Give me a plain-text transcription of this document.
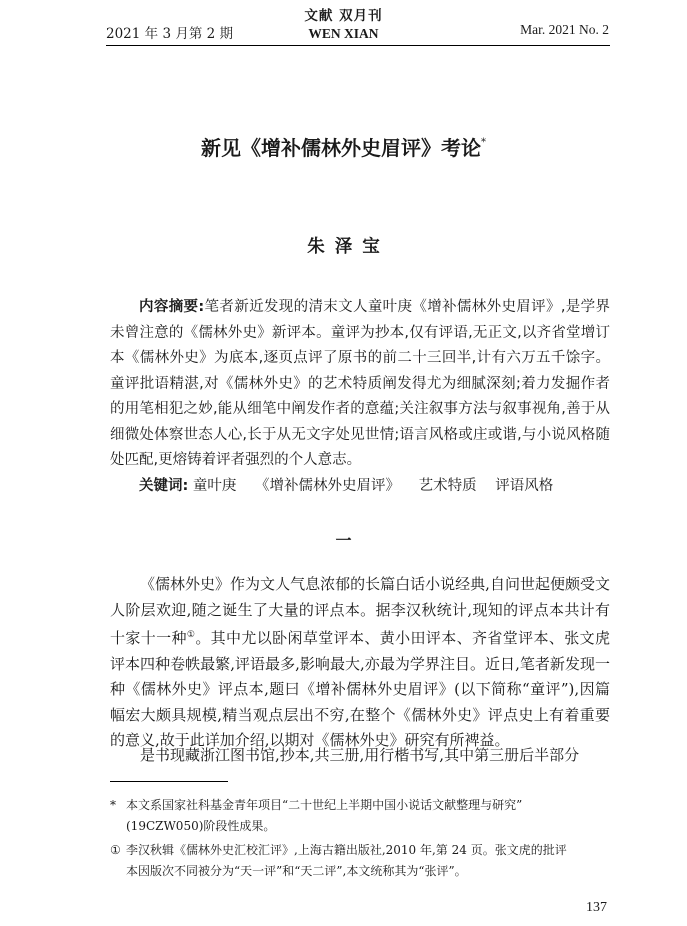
2021 年 3 月第 2 期
文献 双月刊
WEN XIAN	Mar. 2021 No. 2
新见《增补儒林外史眉评》考论*
朱泽宝
内容摘要:笔者新近发现的清末文人童叶庚《增补儒林外史眉评》,是学界未曾注意的《儒林外史》新评本。童评为抄本,仅有评语,无正文,以齐省堂增订本《儒林外史》为底本,逐页点评了原书的前二十三回半,计有六万五千馀字。童评批语精湛,对《儒林外史》的艺术特质阐发得尤为细腻深刻;着力发掘作者的用笔相犯之妙,能从细笔中阐发作者的意蕴;关注叙事方法与叙事视角,善于从细微处体察世态人心,长于从无文字处见世情;语言风格或庄或谐,与小说风格随处匹配,更熔铸着评者强烈的个人意志。
关键词: 童叶庚 《增补儒林外史眉评》 艺术特质 评语风格
一
《儒林外史》作为文人气息浓郁的长篇白话小说经典,自问世起便颇受文人阶层欢迎,随之诞生了大量的评点本。据李汉秋统计,现知的评点本共计有十家十一种①。其中尤以卧闲草堂评本、黄小田评本、齐省堂评本、张文虎评本四种卷帙最繁,评语最多,影响最大,亦最为学界注目。近日,笔者新发现一种《儒林外史》评点本,题曰《增补儒林外史眉评》(以下简称“童评”),因篇幅宏大颇具规模,精当观点层出不穷,在整个《儒林外史》评点史上有着重要的意义,故于此详加介绍,以期对《儒林外史》研究有所裨益。
是书现藏浙江图书馆,抄本,共三册,用行楷书写,其中第三册后半部分
* 本文系国家社科基金青年项目“二十世纪上半期中国小说话文献整理与研究”
(19CZW050)阶段性成果。
① 李汉秋辑《儒林外史汇校汇评》,上海古籍出版社,2010 年,第 24 页。张文虎的批评
本因版次不同被分为“天一评”和“天二评”,本文统称其为“张评”。
137
